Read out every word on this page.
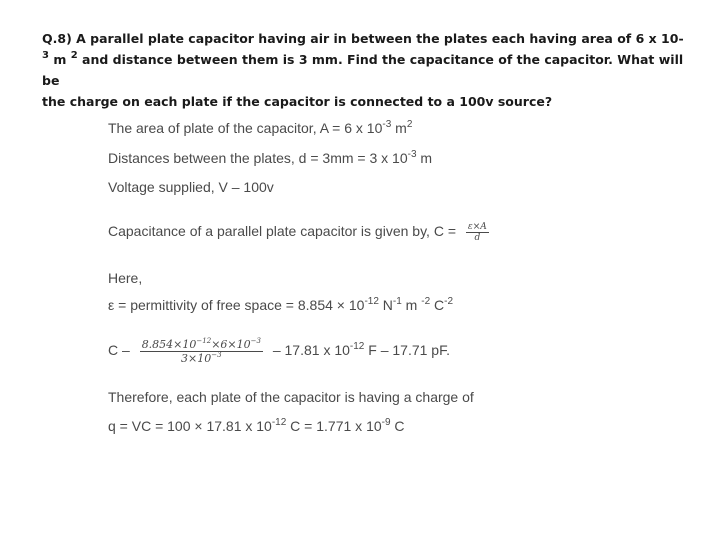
Q.8) A parallel plate capacitor having air in between the plates each having area of 6 x 10-
$^3$ m $^2$ and distance between them is 3 mm. Find the capacitance of the capacitor. What will be
the charge on each plate if the capacitor is connected to a 100v source?
The area of plate of the capacitor, A = 6 x $10^{-3}$ $m^2$
Distances between the plates, d = 3mm = 3 x $10^{-3}$ m
Voltage supplied, V – 100v
Capacitance of a parallel plate capacitor is given by, $C = \frac{\varepsilon\times A}{d}$
Here,
ε = permittivity of free space = $8.854 \times 10^{-12}$ $N^{-1}$ m $^{-2}$ $C^{-2}$
C – $\frac{8.854\times 10^{-12}\times 6\times 10^{-3}}{3\times 10^{-3}} - 17.81$ x $10^{-12}$ F – 17.71 pF.
Therefore, each plate of the capacitor is having a charge of
q = VC = 100 × 17.81 x $10^{-12}$ C = 1.771 x $10^{-9}$ C
